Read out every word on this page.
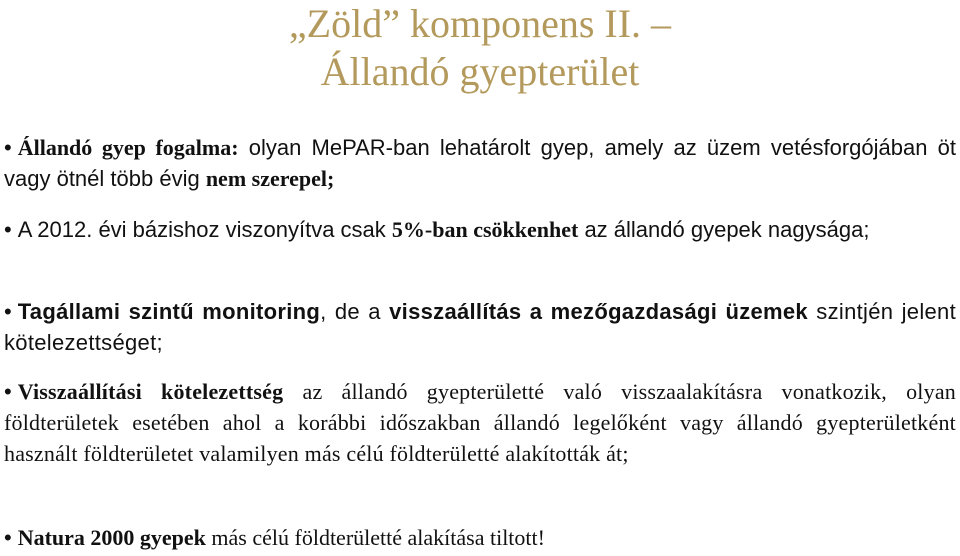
„Zöld” komponens II. –
Állandó gyepterület

• Állandó gyep fogalma: olyan MePAR-ban lehatárolt gyep, amely az üzem vetésforgójában öt vagy ötnél több évig nem szerepel;

• A 2012. évi bázishoz viszonyítva csak 5%-ban csökkenhet az állandó gyepek nagysága;

• Tagállami szintű monitoring, de a visszaállítás a mezőgazdasági üzemek szintjén jelent kötelezettséget;

• Visszaállítási kötelezettség az állandó gyepterületté való visszaalakításra vonatkozik, olyan földterületek esetében ahol a korábbi időszakban állandó legelőként vagy állandó gyepterületként használt földterületet valamilyen más célú földterületté alakították át;

• Natura 2000 gyepek más célú földterületté alakítása tiltott!
